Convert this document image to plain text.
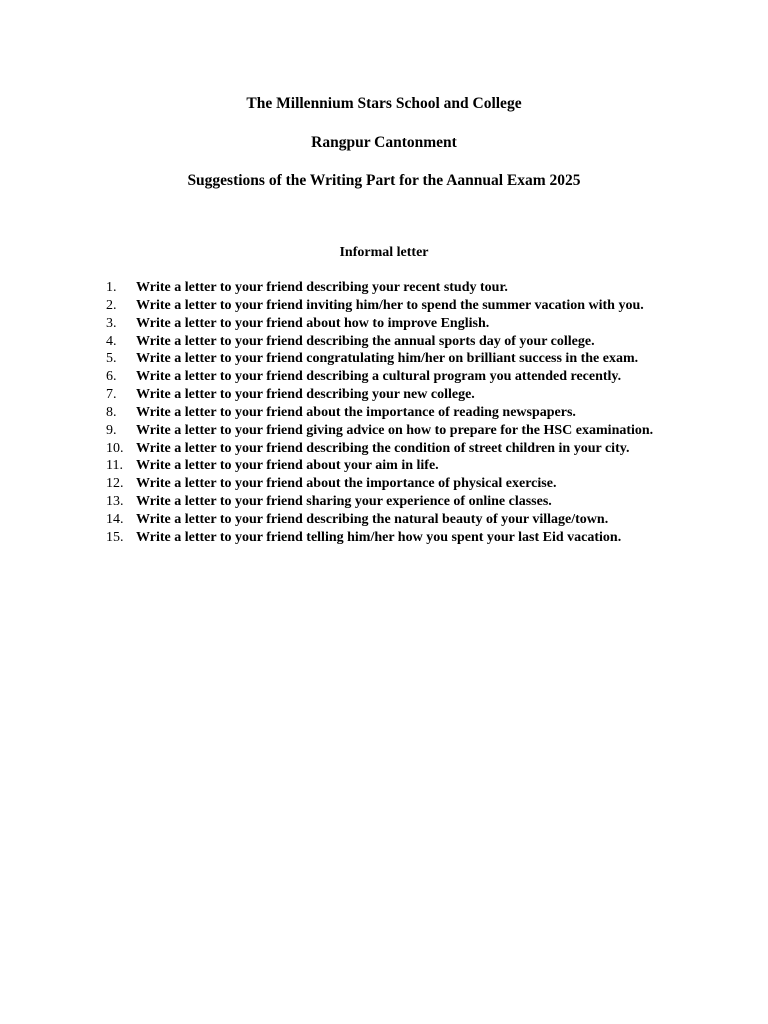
The Millennium Stars School and College
Rangpur Cantonment
Suggestions of the Writing Part for the Aannual Exam 2025
Informal letter
1.	Write a letter to your friend describing your recent study tour.
2.	Write a letter to your friend inviting him/her to spend the summer vacation with you.
3.	Write a letter to your friend about how to improve English.
4.	Write a letter to your friend describing the annual sports day of your college.
5.	Write a letter to your friend congratulating him/her on brilliant success in the exam.
6.	Write a letter to your friend describing a cultural program you attended recently.
7.	Write a letter to your friend describing your new college.
8.	Write a letter to your friend about the importance of reading newspapers.
9.	Write a letter to your friend giving advice on how to prepare for the HSC examination.
10. Write a letter to your friend describing the condition of street children in your city.
11. Write a letter to your friend about your aim in life.
12. Write a letter to your friend about the importance of physical exercise.
13. Write a letter to your friend sharing your experience of online classes.
14. Write a letter to your friend describing the natural beauty of your village/town.
15. Write a letter to your friend telling him/her how you spent your last Eid vacation.
